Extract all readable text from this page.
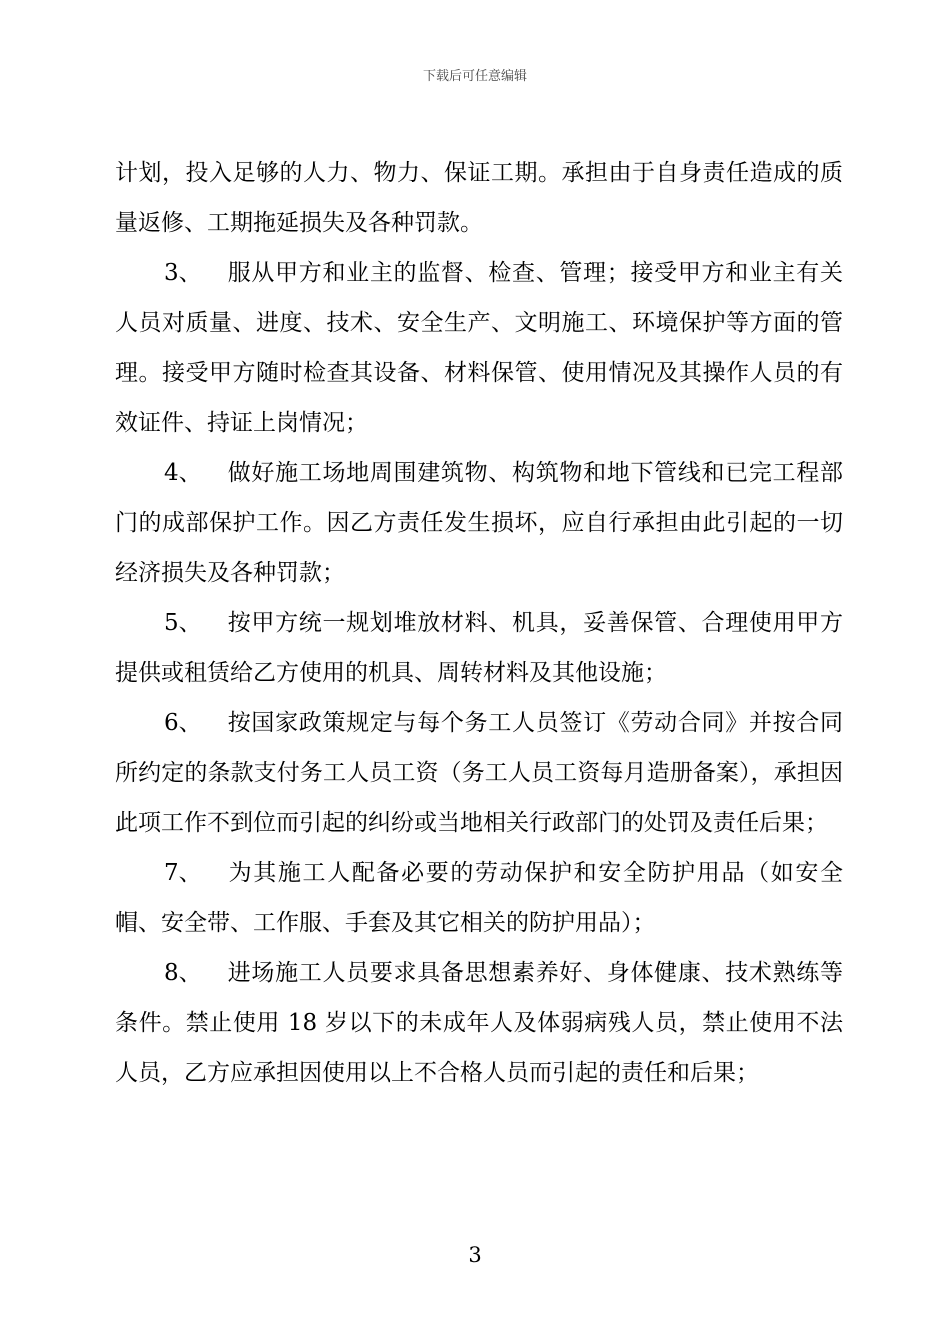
下载后可任意编辑

计划，投入足够的人力、物力、保证工期。承担由于自身责任造成的质量返修、工期拖延损失及各种罚款。

3、 服从甲方和业主的监督、检查、管理；接受甲方和业主有关人员对质量、进度、技术、安全生产、文明施工、环境保护等方面的管理。接受甲方随时检查其设备、材料保管、使用情况及其操作人员的有效证件、持证上岗情况；

4、 做好施工场地周围建筑物、构筑物和地下管线和已完工程部门的成部保护工作。因乙方责任发生损坏，应自行承担由此引起的一切经济损失及各种罚款；

5、 按甲方统一规划堆放材料、机具，妥善保管、合理使用甲方提供或租赁给乙方使用的机具、周转材料及其他设施；

6、 按国家政策规定与每个务工人员签订《劳动合同》并按合同所约定的条款支付务工人员工资（务工人员工资每月造册备案），承担因此项工作不到位而引起的纠纷或当地相关行政部门的处罚及责任后果；

7、 为其施工人配备必要的劳动保护和安全防护用品（如安全帽、安全带、工作服、手套及其它相关的防护用品）；

8、 进场施工人员要求具备思想素养好、身体健康、技术熟练等条件。禁止使用 18 岁以下的未成年人及体弱病残人员，禁止使用不法人员，乙方应承担因使用以上不合格人员而引起的责任和后果；

3
